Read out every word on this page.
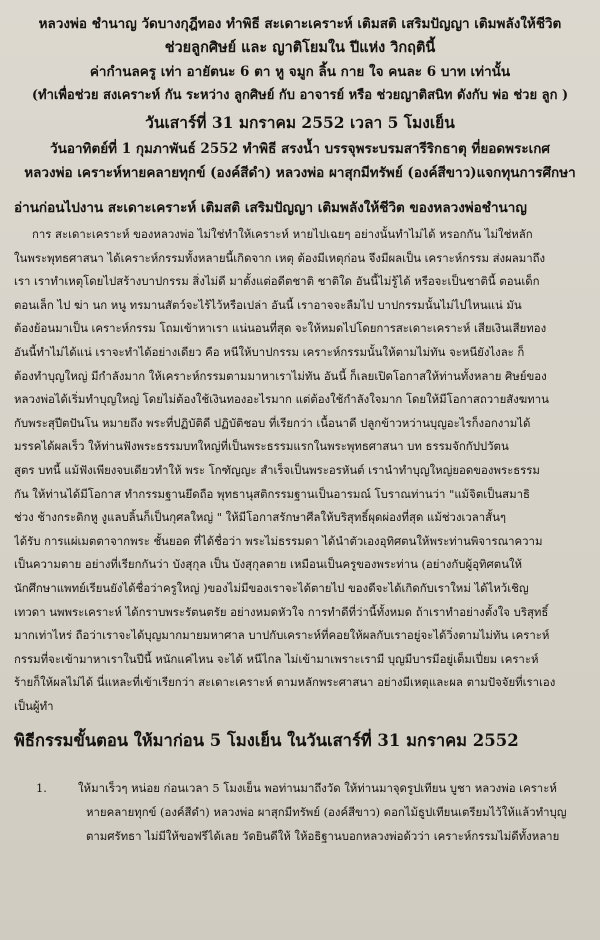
หลวงพ่อ ชำนาญ วัดบางกุฎีทอง ทำพิธี สะเดาะเคราะห์ เติมสติ เสริมปัญญา เติมพลังให้ชีวิต
ช่วยลูกศิษย์ และ ญาติโยมใน ปีแห่ง วิกฤตินี้
ค่ากำนลครู เท่า อายัตนะ 6 ตา หู จมูก ลิ้น กาย ใจ คนละ 6 บาท เท่านั้น
(ทำเพื่อช่วย สงเคราะห์ กัน ระหว่าง ลูกศิษย์ กับ อาจารย์ หรือ ช่วยญาติสนิท ดังกับ พ่อ ช่วย ลูก )
วันเสาร์ที่ 31 มกราคม 2552 เวลา 5 โมงเย็น
วันอาทิตย์ที่ 1 กุมภาพันธ์ 2552 ทำพิธี สรงน้ำ บรรจุพระบรมสารีริกธาตุ ที่ยอดพระเกศ
หลวงพ่อ เคราะห์หายคลายทุกข์ (องค์สีดำ) หลวงพ่อ ผาสุกมีทรัพย์ (องค์สีขาว)แจกทุนการศึกษา
อ่านก่อนไปงาน สะเดาะเคราะห์ เติมสติ เสริมปัญญา เติมพลังให้ชีวิต ของหลวงพ่อชำนาญ
การ สะเดาะเคราะห์ ของหลวงพ่อ ไม่ใช่ทำให้เคราะห์ หายไปเฉยๆ อย่างนั้นทำไม่ได้ หรอกกัน ไม่ใช่หลัก
ในพระพุทธศาสนา ได้เคราะห์กรรมทั้งหลายนี้เกิดจาก เหตุ ต้องมีเหตุก่อน จึงมีผลเป็น เคราะห์กรรม ส่งผลมาถึง
เรา เราทำเหตุโดยไปสร้างบาปกรรม สิ่งไม่ดี มาตั้งแต่อดีตชาติ ชาติใด อันนี้ไม่รู้ได้ หรือจะเป็นชาตินี้ ตอนเด็ก
ตอนเล็ก ไป ฆ่า นก หนู ทรมานสัตว์จะไร้ไว้หรือเปล่า อันนี้ เราอาจจะลืมไป บาปกรรมนั้นไม่ไปไหนแน่ มัน
ต้องย้อนมาเป็น เคราะห์กรรม โถมเข้าหาเรา แน่นอนที่สุด จะให้หมดไปโดยการสะเดาะเคราะห์ เสียเงินเสียทอง
อันนี้ทำไม่ได้แน่ เราจะทำได้อย่างเดียว คือ หนีให้บาปกรรม เคราะห์กรรมนั้นให้ตามไม่ทัน จะหนียังไงละ ก็
ต้องทำบุญใหญ่ มีกำลังมาก ให้เคราะห์กรรมตามมาหาเราไม่ทัน อันนี้ ก็เลยเปิดโอกาสให้ท่านทั้งหลาย ศิษย์ของ
หลวงพ่อได้เริ่มทำบุญใหญ่ โดยไม่ต้องใช้เงินทองอะไรมาก แต่ต้องใช้กำลังใจมาก โดยให้มีโอกาสถวายสังฆทาน
กับพระสุปีตปันโน หมายถึง พระที่ปฏิบัติดี ปฏิบัติชอบ ที่เรียกว่า เนื้อนาดี ปลูกข้าวหว่านบุญอะไรก็งอกงามได้
มรรคได้ผลเร็ว ให้ท่านฟังพระธรรมบทใหญ่ที่เป็นพระธรรมแรกในพระพุทธศาสนา บท ธรรมจักกัปปวัตน
สูตร บทนี้ แม้ฟังเพียงจบเดียวทำให้ พระ โกฑัญญะ สำเร็จเป็นพระอรหันต์ เรานำทำบุญใหญ่ยอดของพระธรรม
กัน ให้ท่านได้มีโอกาส ทำกรรมฐานยึดถือ พุทธานุสติกรรมฐานเป็นอารมณ์ โบราณท่านว่า "แม้จิตเป็นสมาธิ
ช่วง ช้างกระดิกหู งูแลบลิ้นก็เป็นกุศลใหญ่ " ให้มีโอกาสรักษาศีลให้บริสุทธิ์ผุดผ่องที่สุด แม้ช่วงเวลาสั้นๆ
ได้รับ การแผ่เมตตาจากพระ ชั้นยอด ที่ได้ชื่อว่า พระไม่ธรรมดา ได้นำตัวเองอุทิศตนให้พระท่านพิจารณาความ
เป็นความตาย อย่างที่เรียกกันว่า บังสุกุล เป็น บังสุกุลตาย เหมือนเป็นครูของพระท่าน (อย่างกับผู้อุทิศตนให้
นักศึกษาแพทย์เรียนยังได้ชื่อว่าครูใหญ่ )ของไม่มีของเราจะได้ตายไป ของดีจะได้เกิดกับเราใหม่ ได้ไหว้เชิญ
เทวดา นพพระเคราะห์ ได้กราบพระรัตนตรัย อย่างหมดหัวใจ การทำดีที่ว่านี้ทั้งหมด ถ้าเราทำอย่างตั้งใจ บริสุทธิ์
มากเท่าไหร่ ถือว่าเราจะได้บุญมากมายมหาศาล บาปกับเคราะห์ที่คอยให้ผลกับเราอยู่จะได้วิ่งตามไม่ทัน เคราะห์
กรรมที่จะเข้ามาหาเราในปีนี้ หนักแค่ไหน จะได้ หนีไกล ไม่เข้ามาเพราะเรามี บุญมีบารมีอยู่เต็มเปี่ยม เคราะห์
ร้ายก็ให้ผลไม่ได้ นี่แหละที่เข้าเรียกว่า สะเดาะเคราะห์ ตามหลักพระศาสนา อย่างมีเหตุและผล ตามปัจจัยที่เราเอง
เป็นผู้ทำ
พิธีกรรมขั้นตอน ให้มาก่อน 5 โมงเย็น ในวันเสาร์ที่ 31 มกราคม 2552
1.	ให้มาเร็วๆ หน่อย ก่อนเวลา 5 โมงเย็น พอท่านมาถึงวัด ให้ท่านมาจุดรูปเทียน บูชา หลวงพ่อ เคราะห์
หายคลายทุกข์ (องค์สีดำ) หลวงพ่อ ผาสุกมีทรัพย์ (องค์สีขาว) ดอกไม้ธูปเทียนเตรียมไว้ให้แล้วทำบุญ
ตามศรัทธา ไม่มีให้ขอฟรีได้เลย วัดยินดีให้ ให้อธิฐานบอกหลวงพ่อด้วว่า เคราะห์กรรมไม่ดีทั้งหลาย
